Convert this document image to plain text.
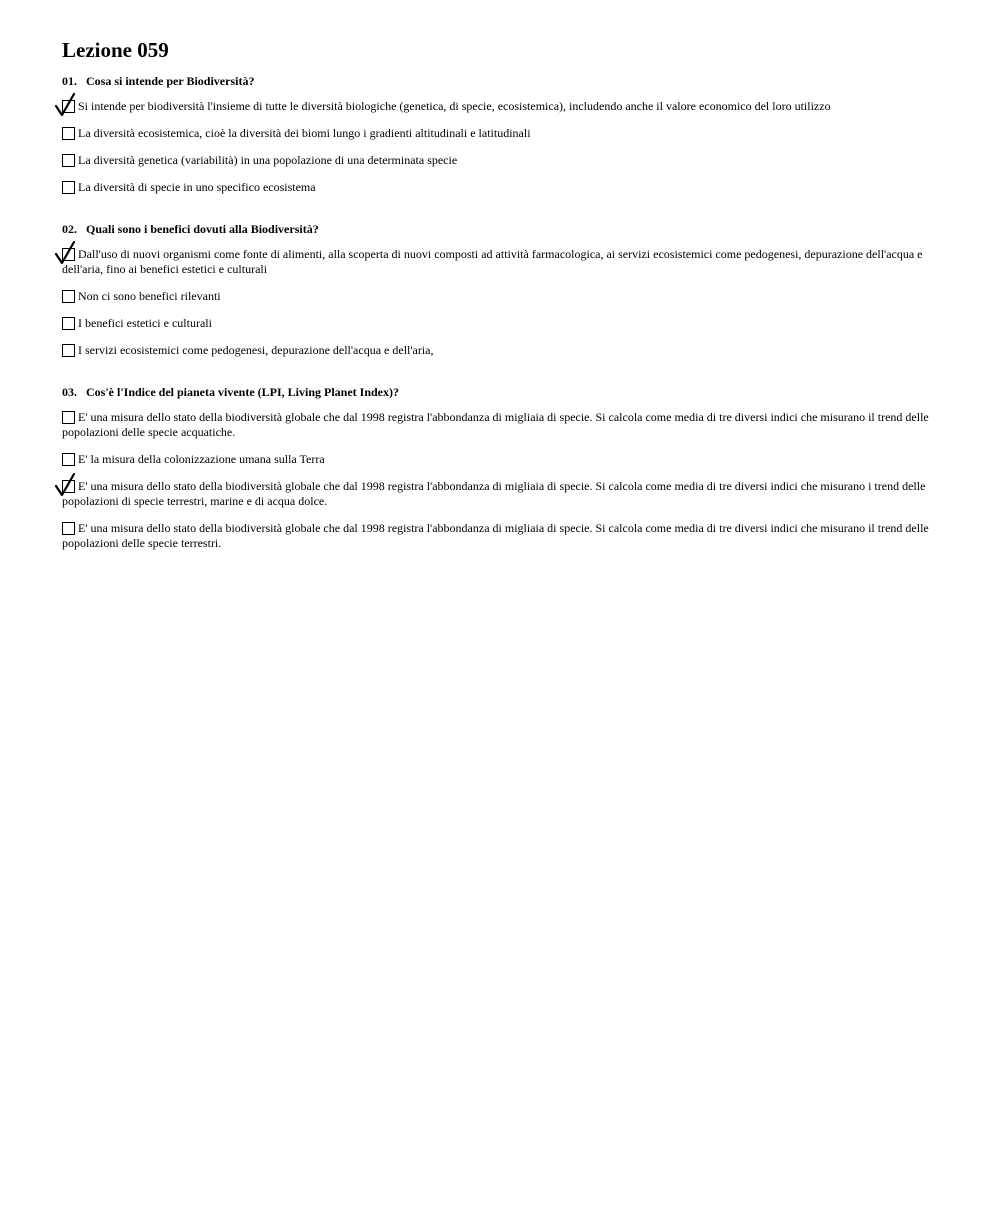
Lezione 059
01. Cosa si intende per Biodiversità?
Si intende per biodiversità l'insieme di tutte le diversità biologiche (genetica, di specie, ecosistemica), includendo anche il valore economico del loro utilizzo
La diversità ecosistemica, cioè la diversità dei biomi lungo i gradienti altitudinali e latitudinali
La diversità genetica (variabilità) in una popolazione di una determinata specie
La diversità di specie in uno specifico ecosistema
02. Quali sono i benefici dovuti alla Biodiversità?
Dall'uso di nuovi organismi come fonte di alimenti, alla scoperta di nuovi composti ad attività farmacologica, ai servizi ecosistemici come pedogenesi, depurazione dell'acqua e dell'aria, fino ai benefici estetici e culturali
Non ci sono benefici rilevanti
I benefici estetici e culturali
I servizi ecosistemici come pedogenesi, depurazione dell'acqua e dell'aria,
03. Cos'è l'Indice del pianeta vivente (LPI, Living Planet Index)?
E' una misura dello stato della biodiversità globale che dal 1998 registra l'abbondanza di migliaia di specie. Si calcola come media di tre diversi indici che misurano il trend delle popolazioni delle specie acquatiche.
E' la misura della colonizzazione umana sulla Terra
E' una misura dello stato della biodiversità globale che dal 1998 registra l'abbondanza di migliaia di specie. Si calcola come media di tre diversi indici che misurano i trend delle popolazioni di specie terrestri, marine e di acqua dolce.
E' una misura dello stato della biodiversità globale che dal 1998 registra l'abbondanza di migliaia di specie. Si calcola come media di tre diversi indici che misurano il trend delle popolazioni delle specie terrestri.
